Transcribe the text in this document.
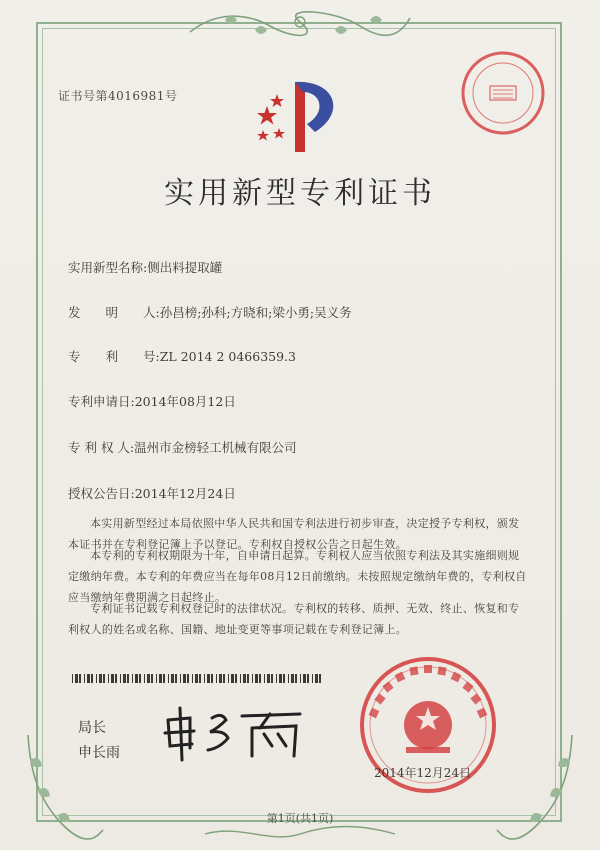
证书号第4016981号
实用新型专利证书
实用新型名称:侧出料提取罐
发　　明　　人:孙昌榜;孙科;方晓和;梁小勇;吴义务
专　　利　　号:ZL 2014 2 0466359.3
专利申请日:2014年08月12日
专 利 权 人:温州市金榜轻工机械有限公司
授权公告日:2014年12月24日
本实用新型经过本局依照中华人民共和国专利法进行初步审查，决定授予专利权，颁发本证书并在专利登记簿上予以登记。专利权自授权公告之日起生效。
本专利的专利权期限为十年，自申请日起算。专利权人应当依照专利法及其实施细则规定缴纳年费。本专利的年费应当在每年08月12日前缴纳。未按照规定缴纳年费的，专利权自应当缴纳年费期满之日起终止。
专利证书记载专利权登记时的法律状况。专利权的转移、质押、无效、终止、恢复和专利权人的姓名或名称、国籍、地址变更等事项记载在专利登记簿上。
局长
申长雨
2014年12月24日
第1页(共1页)
